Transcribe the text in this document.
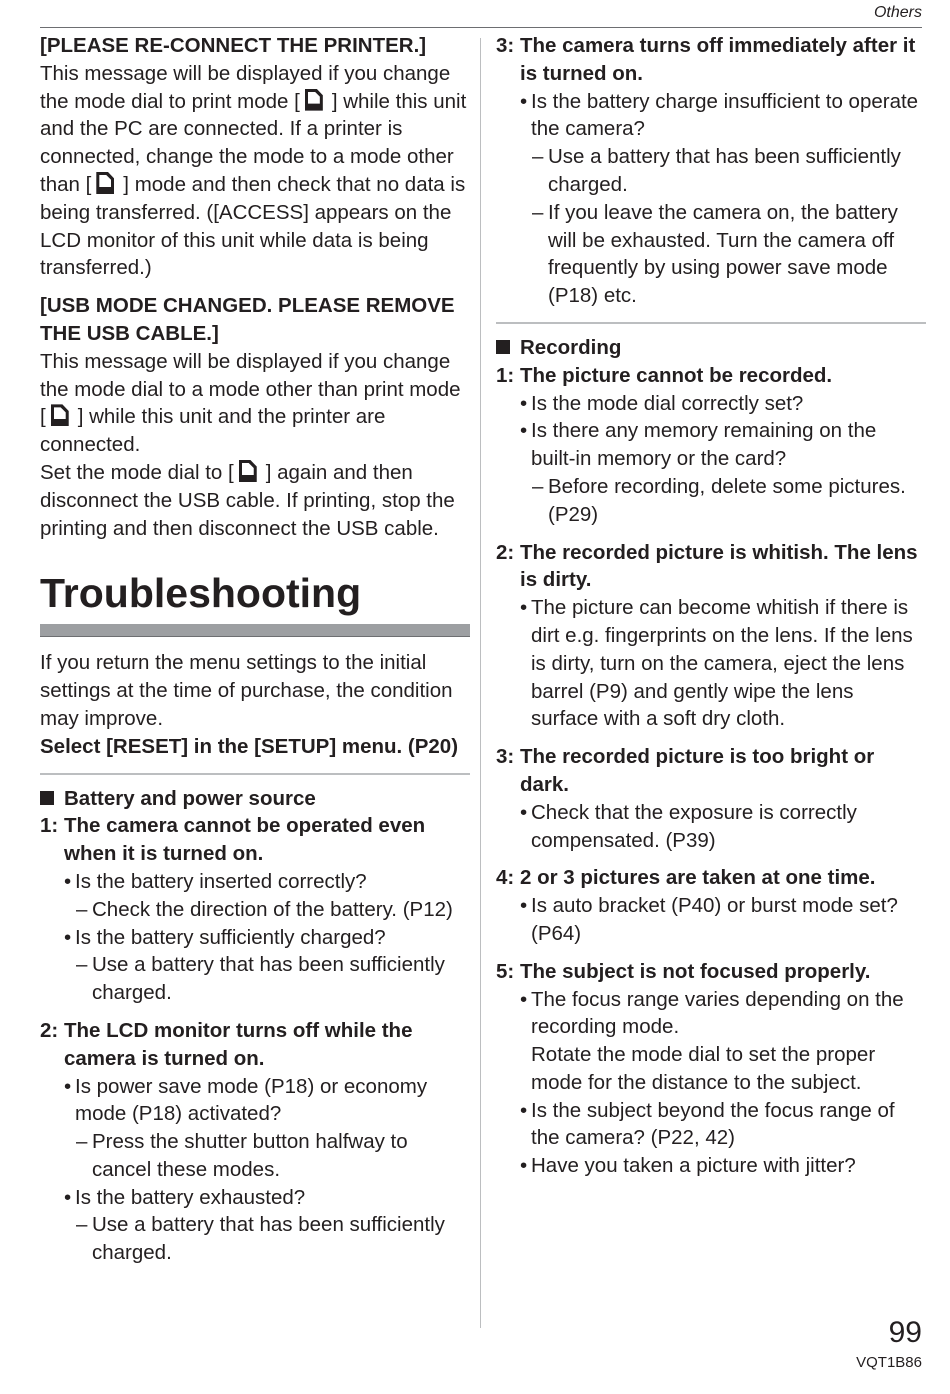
Others

[PLEASE RE-CONNECT THE PRINTER.]

This message will be displayed if you change the mode dial to print mode [ ] while this unit and the PC are connected. If a printer is connected, change the mode to a mode other than [ ] mode and then check that no data is being transferred. ([ACCESS] appears on the LCD monitor of this unit while data is being transferred.)

[USB MODE CHANGED. PLEASE REMOVE THE USB CABLE.]

This message will be displayed if you change the mode dial to a mode other than print mode [ ] while this unit and the printer are connected.

Set the mode dial to [ ] again and then disconnect the USB cable. If printing, stop the printing and then disconnect the USB cable.

Troubleshooting

If you return the menu settings to the initial settings at the time of purchase, the condition may improve.

Select [RESET] in the [SETUP] menu. (P20)

Battery and power source

1: The camera cannot be operated even when it is turned on.
• Is the battery inserted correctly?
– Check the direction of the battery. (P12)
• Is the battery sufficiently charged?
– Use a battery that has been sufficiently charged.
2: The LCD monitor turns off while the camera is turned on.
• Is power save mode (P18) or economy mode (P18) activated?
– Press the shutter button halfway to cancel these modes.
• Is the battery exhausted?
– Use a battery that has been sufficiently charged.
3: The camera turns off immediately after it is turned on.
• Is the battery charge insufficient to operate the camera?
– Use a battery that has been sufficiently charged.
– If you leave the camera on, the battery will be exhausted. Turn the camera off frequently by using power save mode (P18) etc.

Recording

1: The picture cannot be recorded.
• Is the mode dial correctly set?
• Is there any memory remaining on the built-in memory or the card?
– Before recording, delete some pictures. (P29)
2: The recorded picture is whitish. The lens is dirty.
• The picture can become whitish if there is dirt e.g. fingerprints on the lens. If the lens is dirty, turn on the camera, eject the lens barrel (P9) and gently wipe the lens surface with a soft dry cloth.
3: The recorded picture is too bright or dark.
• Check that the exposure is correctly compensated. (P39)
4: 2 or 3 pictures are taken at one time.
• Is auto bracket (P40) or burst mode set? (P64)
5: The subject is not focused properly.
• The focus range varies depending on the recording mode.
Rotate the mode dial to set the proper mode for the distance to the subject.
• Is the subject beyond the focus range of the camera? (P22, 42)
• Have you taken a picture with jitter?
99
VQT1B86
